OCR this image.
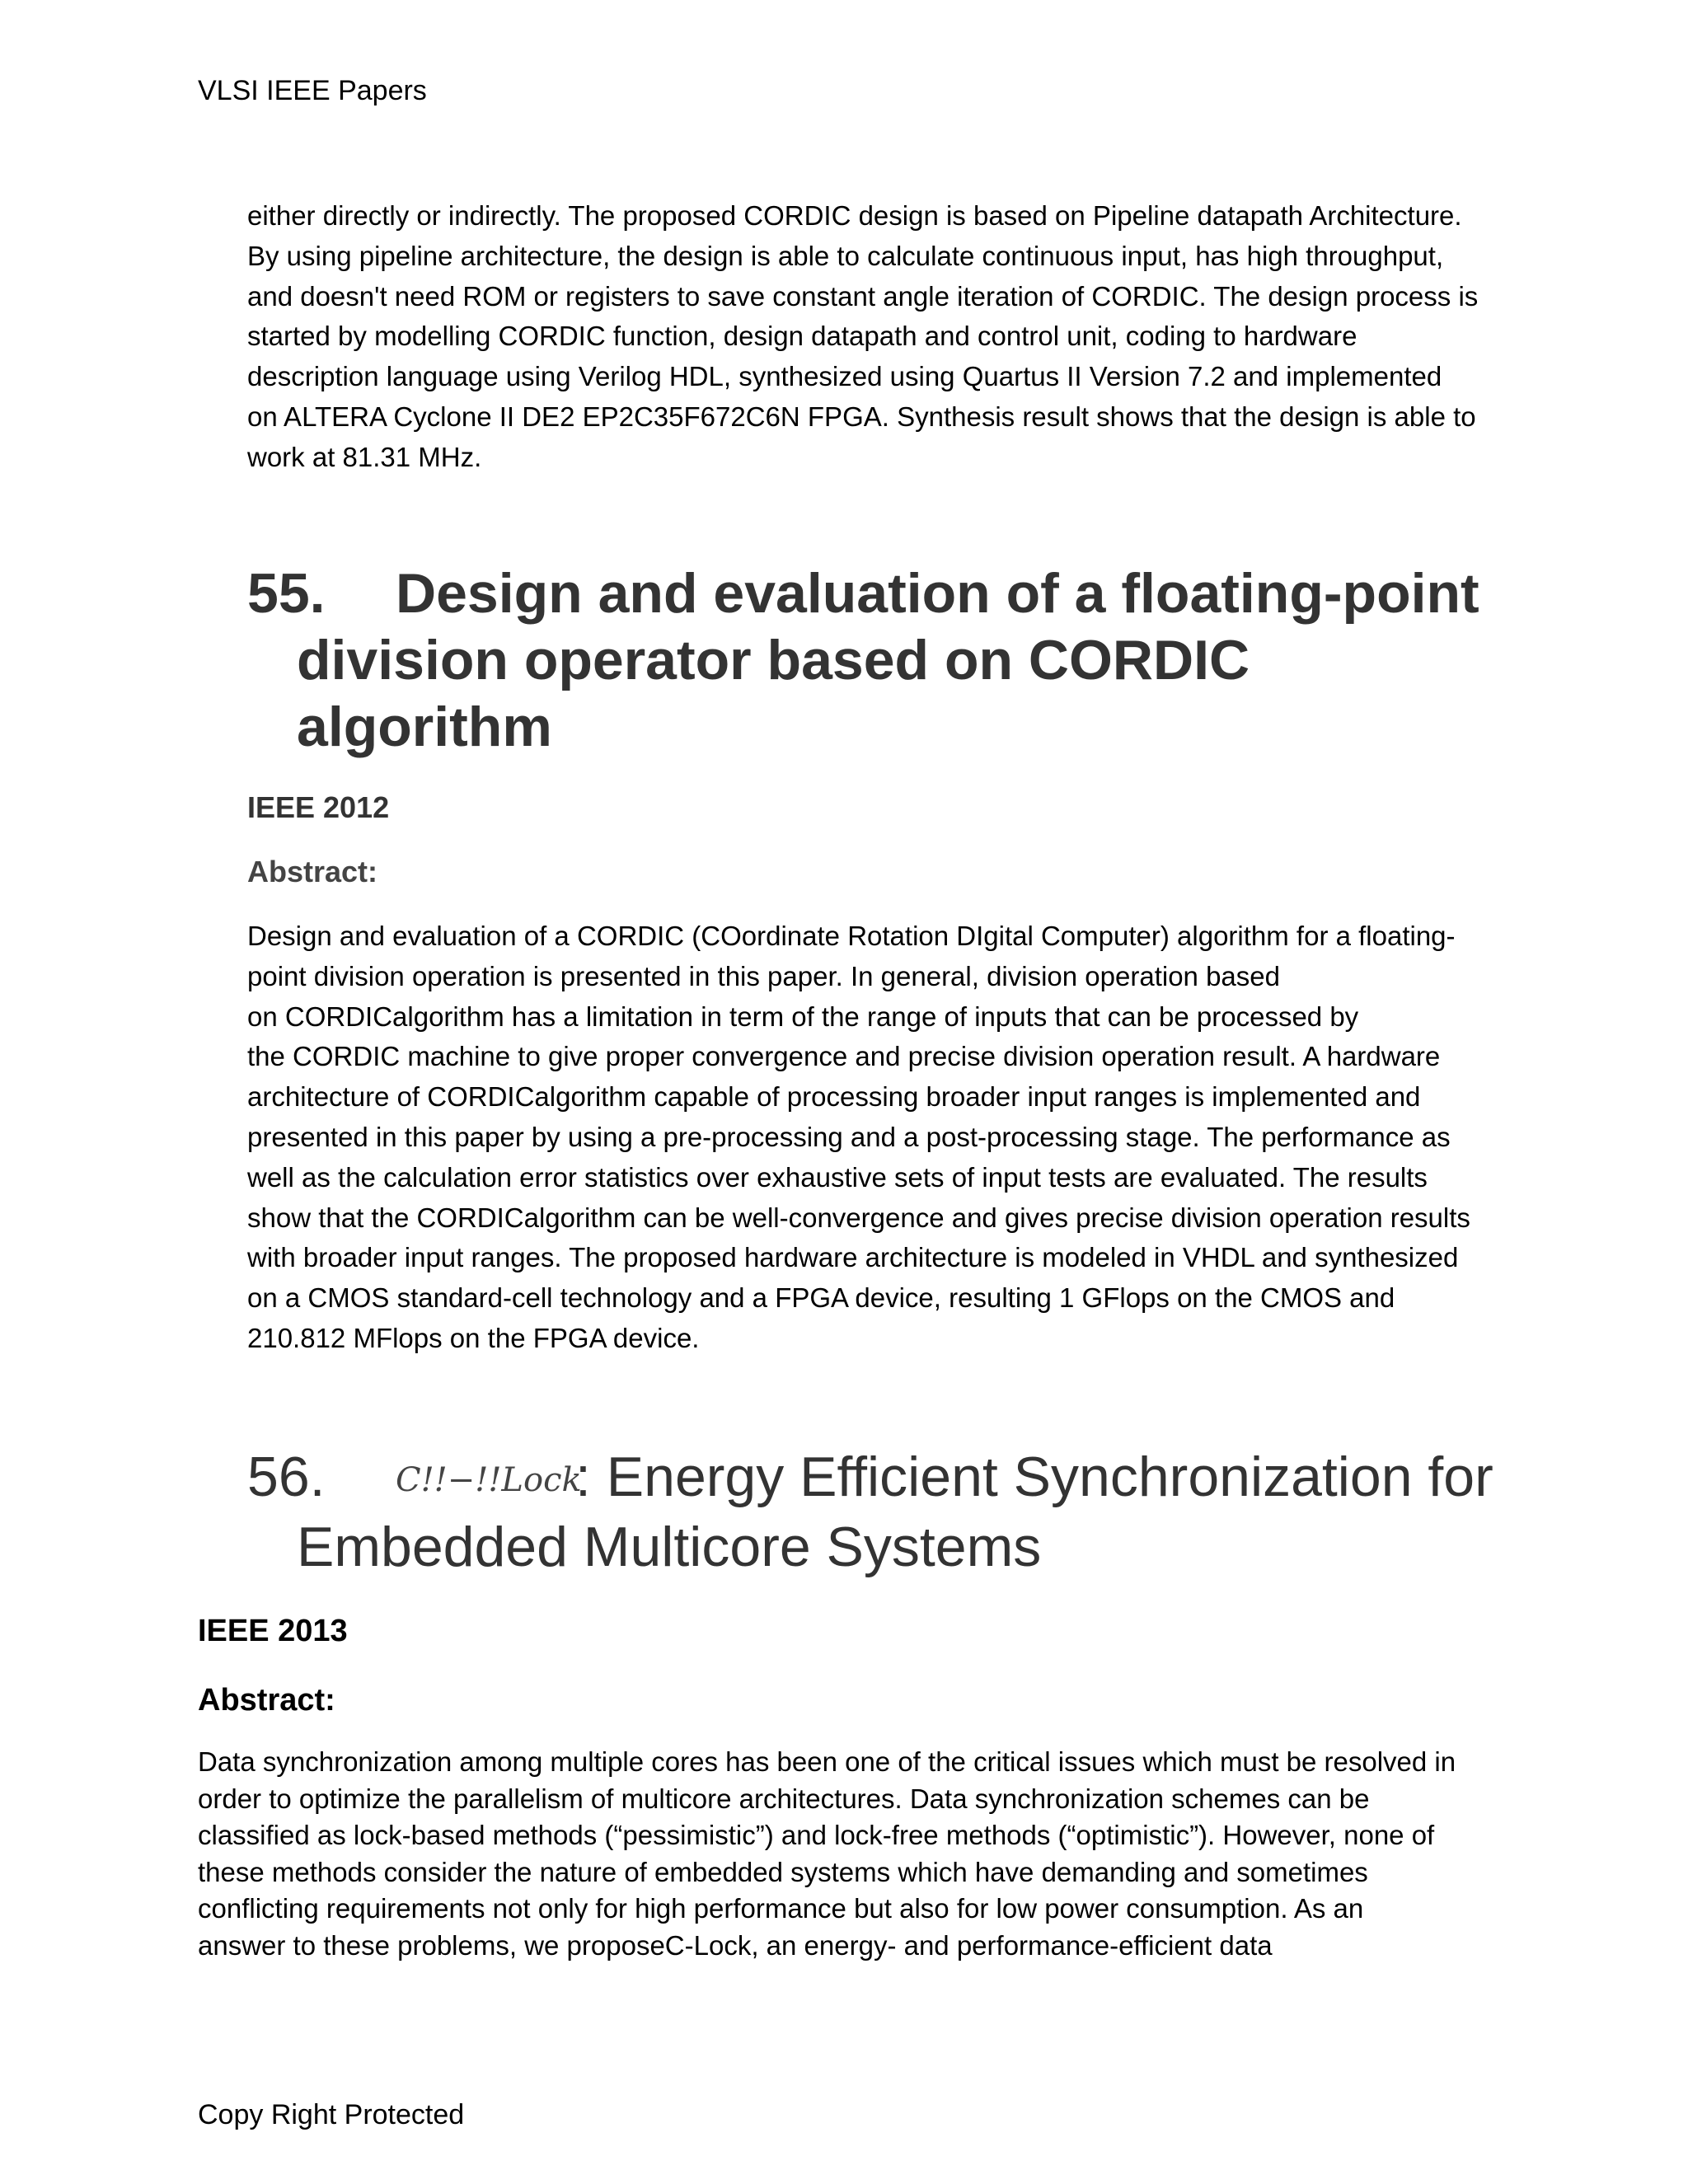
VLSI IEEE Papers

either directly or indirectly. The proposed CORDIC design is based on Pipeline datapath Architecture.
By using pipeline architecture, the design is able to calculate continuous input, has high throughput,
and doesn't need ROM or registers to save constant angle iteration of CORDIC. The design process is
started by modelling CORDIC function, design datapath and control unit, coding to hardware
description language using Verilog HDL, synthesized using Quartus II Version 7.2 and implemented
on ALTERA Cyclone II DE2 EP2C35F672C6N FPGA. Synthesis result shows that the design is able to
work at 81.31 MHz.

55. Design and evaluation of a floating-point
division operator based on CORDIC
algorithm

IEEE 2012

Abstract:

Design and evaluation of a CORDIC (COordinate Rotation DIgital Computer) algorithm for a floating-
point division operation is presented in this paper. In general, division operation based
on CORDICalgorithm has a limitation in term of the range of inputs that can be processed by
the CORDIC machine to give proper convergence and precise division operation result. A hardware
architecture of CORDICalgorithm capable of processing broader input ranges is implemented and
presented in this paper by using a pre-processing and a post-processing stage. The performance as
well as the calculation error statistics over exhaustive sets of input tests are evaluated. The results
show that the CORDICalgorithm can be well-convergence and gives precise division operation results
with broader input ranges. The proposed hardware architecture is modeled in VHDL and synthesized
on a CMOS standard-cell technology and a FPGA device, resulting 1 GFlops on the CMOS and
210.812 MFlops on the FPGA device.

56. C!!−!!Lock: Energy Efficient Synchronization for
Embedded Multicore Systems

IEEE 2013

Abstract:

Data synchronization among multiple cores has been one of the critical issues which must be resolved in
order to optimize the parallelism of multicore architectures. Data synchronization schemes can be
classified as lock-based methods (“pessimistic”) and lock-free methods (“optimistic”). However, none of
these methods consider the nature of embedded systems which have demanding and sometimes
conflicting requirements not only for high performance but also for low power consumption. As an
answer to these problems, we proposeC-Lock, an energy- and performance-efficient data

Copy Right Protected
